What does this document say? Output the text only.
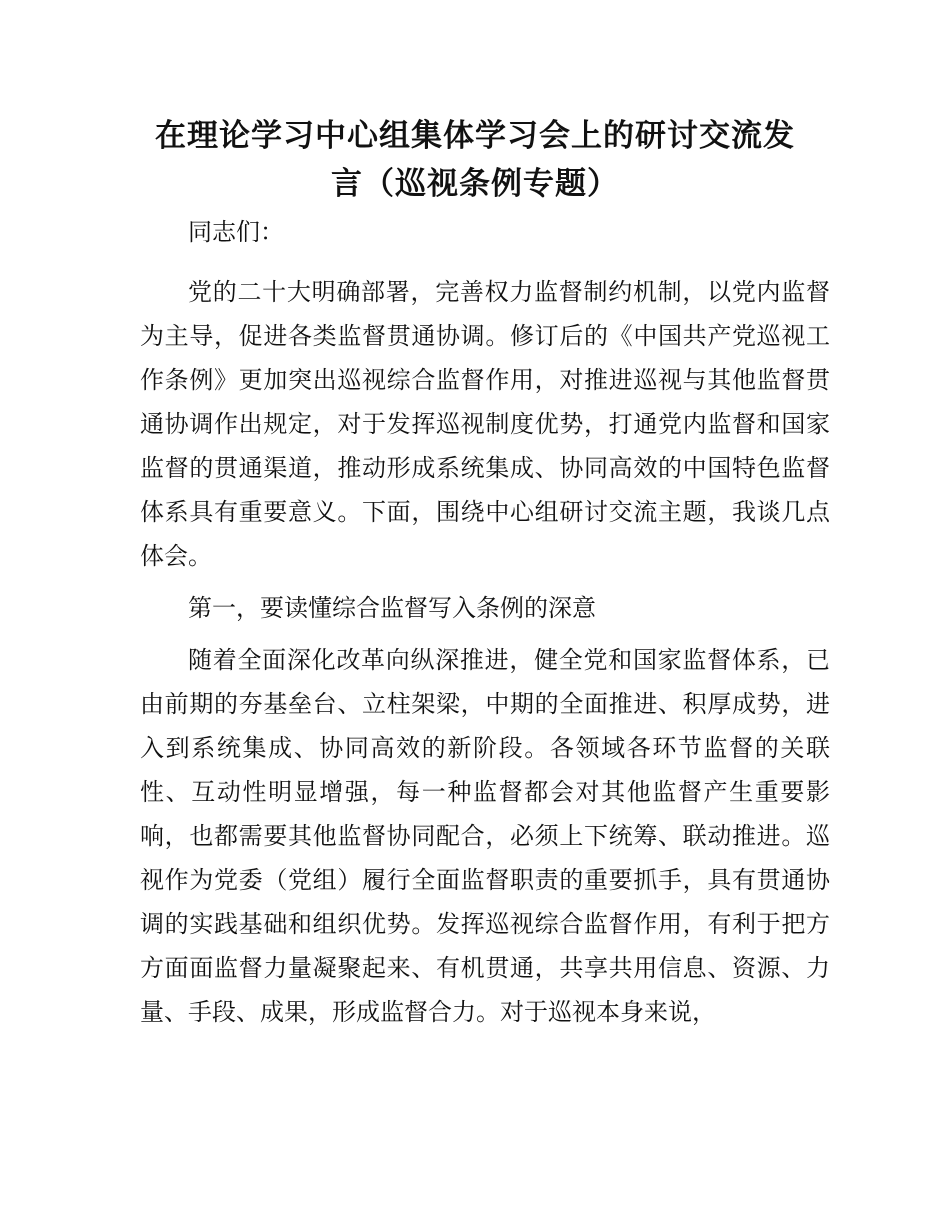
在理论学习中心组集体学习会上的研讨交流发
言（巡视条例专题）

同志们：

党的二十大明确部署，完善权力监督制约机制，以党内监督为主导，促进各类监督贯通协调。修订后的《中国共产党巡视工作条例》更加突出巡视综合监督作用，对推进巡视与其他监督贯通协调作出规定，对于发挥巡视制度优势，打通党内监督和国家监督的贯通渠道，推动形成系统集成、协同高效的中国特色监督体系具有重要意义。下面，围绕中心组研讨交流主题，我谈几点体会。

第一，要读懂综合监督写入条例的深意

随着全面深化改革向纵深推进，健全党和国家监督体系，已由前期的夯基垒台、立柱架梁，中期的全面推进、积厚成势，进入到系统集成、协同高效的新阶段。各领域各环节监督的关联性、互动性明显增强，每一种监督都会对其他监督产生重要影响，也都需要其他监督协同配合，必须上下统筹、联动推进。巡视作为党委（党组）履行全面监督职责的重要抓手，具有贯通协调的实践基础和组织优势。发挥巡视综合监督作用，有利于把方方面面监督力量凝聚起来、有机贯通，共享共用信息、资源、力量、手段、成果，形成监督合力。对于巡视本身来说，
